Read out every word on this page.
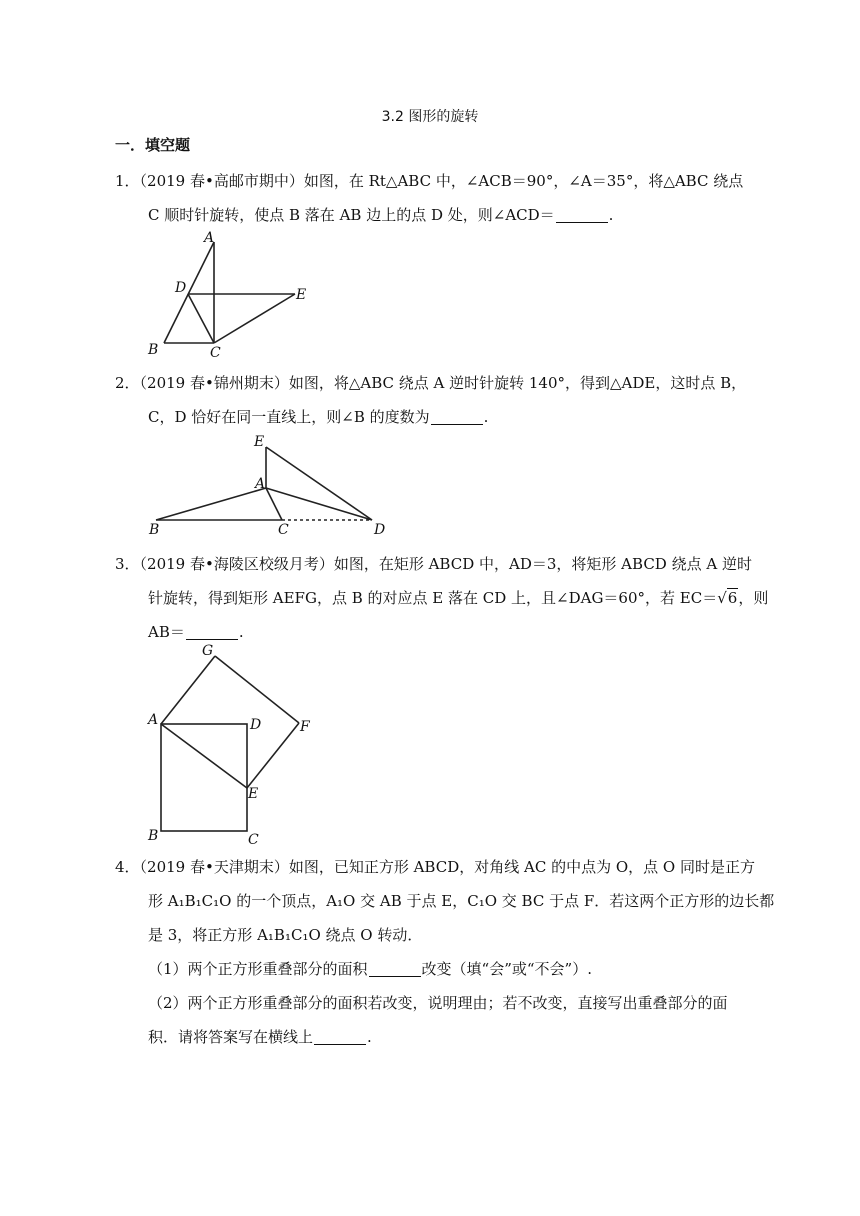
3.2 图形的旋转
一．填空题
1．（2019 春•高邮市期中）如图，在 Rt△ABC 中，∠ACB＝90°，∠A＝35°，将△ABC 绕点
C 顺时针旋转，使点 B 落在 AB 边上的点 D 处，则∠ACD＝	.
A
D	E
B	C
2．（2019 春•锦州期末）如图，将△ABC 绕点 A 逆时针旋转 140°，得到△ADE，这时点 B，
C，D 恰好在同一直线上，则∠B 的度数为	.
E
A
B	C	D
3．（2019 春•海陵区校级月考）如图，在矩形 ABCD 中，AD＝3，将矩形 ABCD 绕点 A 逆时
针旋转，得到矩形 AEFG，点 B 的对应点 E 落在 CD 上，且∠DAG＝60°，若 EC＝√6，则
AB＝	.
G
A	D	F
E
B	C
4．（2019 春•天津期末）如图，已知正方形 ABCD，对角线 AC 的中点为 O，点 O 同时是正方
形 A₁B₁C₁O 的一个顶点，A₁O 交 AB 于点 E，C₁O 交 BC 于点 F．若这两个正方形的边长都
是 3，将正方形 A₁B₁C₁O 绕点 O 转动．
（1）两个正方形重叠部分的面积	改变（填“会”或“不会”）.
（2）两个正方形重叠部分的面积若改变，说明理由；若不改变，直接写出重叠部分的面
积．请将答案写在横线上	.
